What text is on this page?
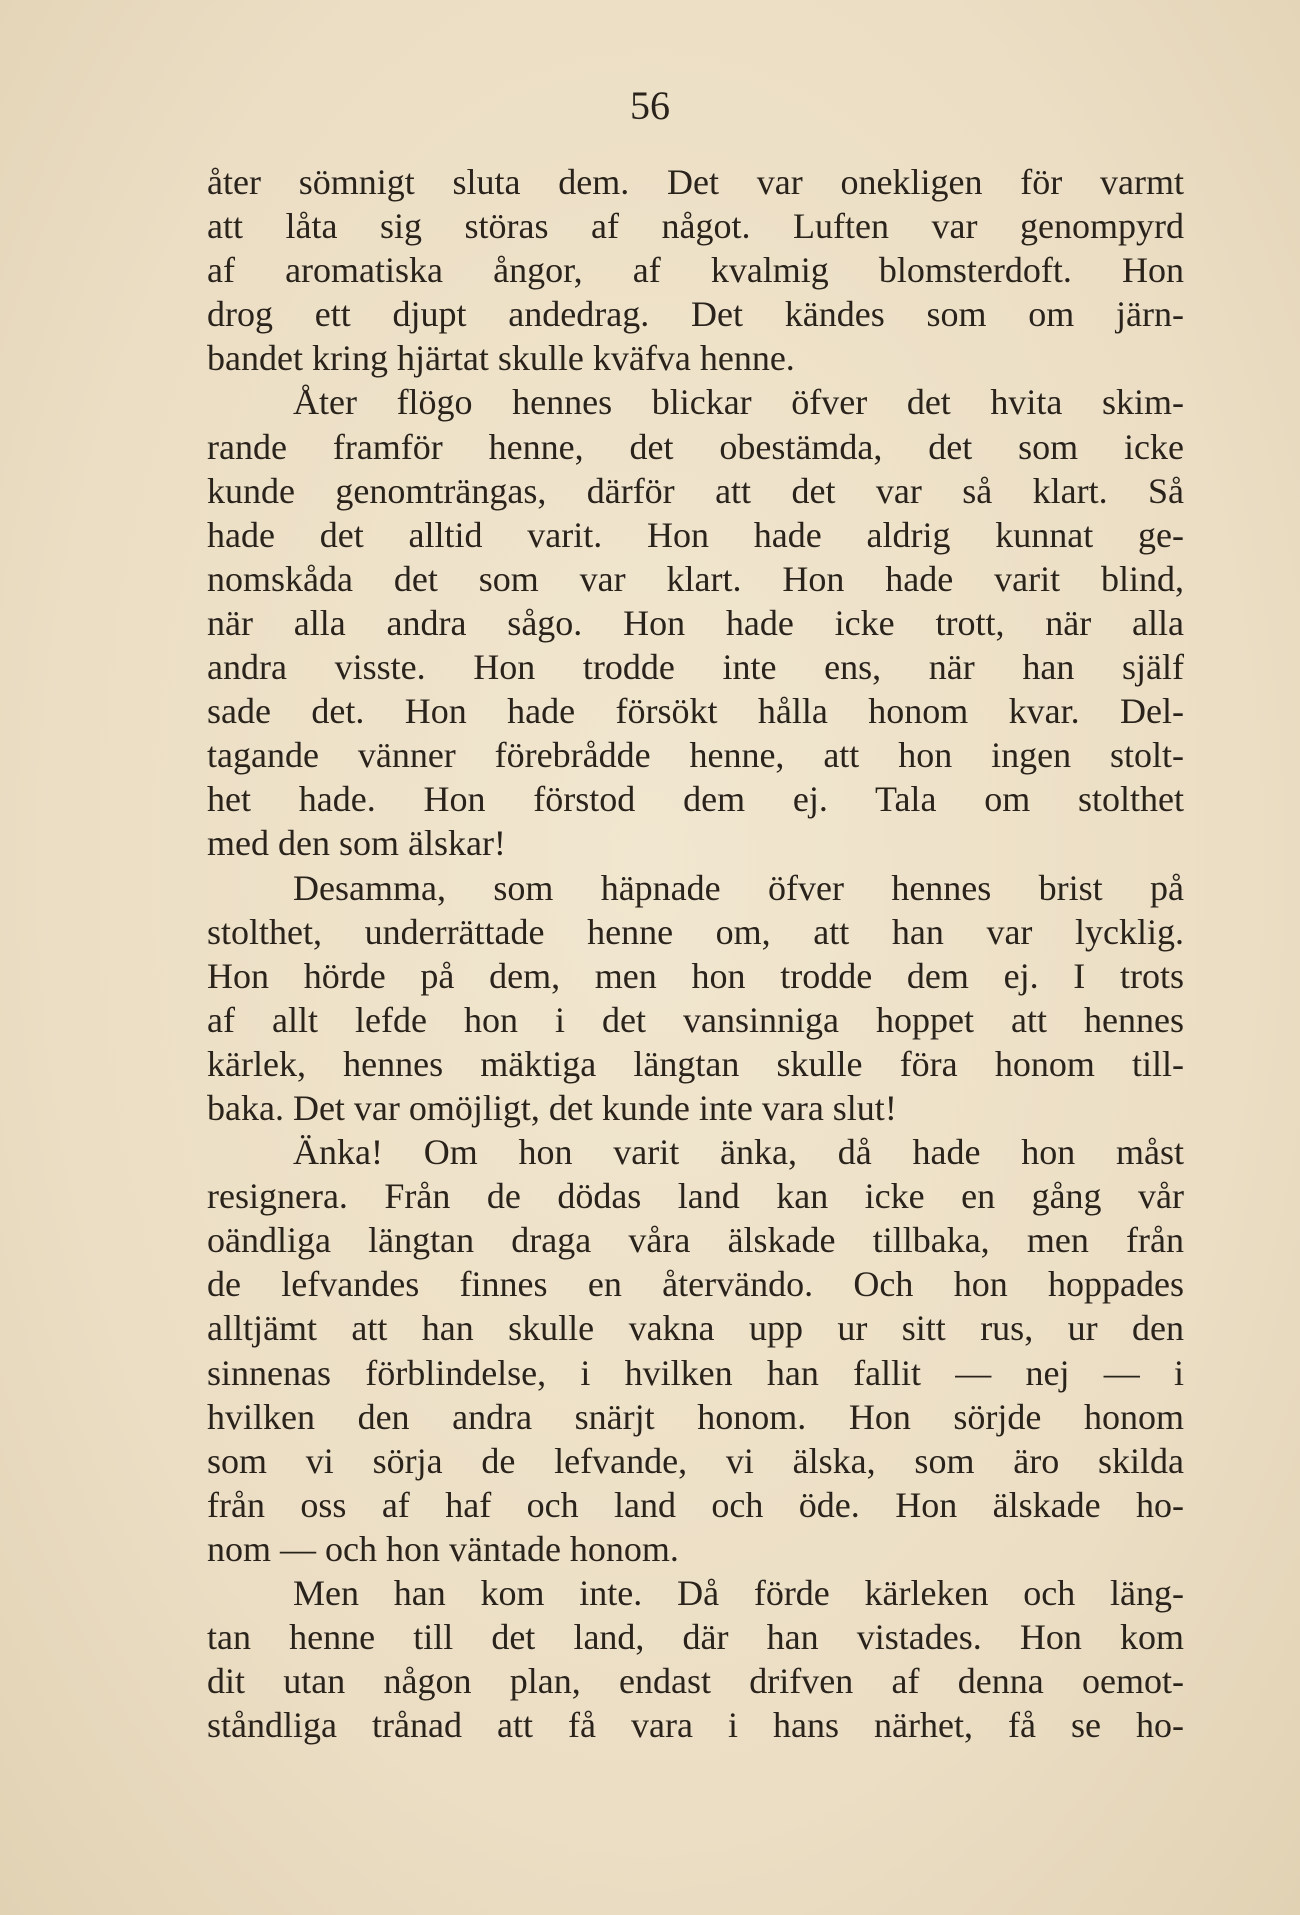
56
åter sömnigt sluta dem. Det var onekligen för varmt
att låta sig störas af något. Luften var genompyrd
af aromatiska ångor, af kvalmig blomsterdoft. Hon
drog ett djupt andedrag. Det kändes som om järn-
bandet kring hjärtat skulle kväfva henne.
Åter flögo hennes blickar öfver det hvita skim-
rande framför henne, det obestämda, det som icke
kunde genomträngas, därför att det var så klart. Så
hade det alltid varit. Hon hade aldrig kunnat ge-
nomskåda det som var klart. Hon hade varit blind,
när alla andra sågo. Hon hade icke trott, när alla
andra visste. Hon trodde inte ens, när han själf
sade det. Hon hade försökt hålla honom kvar. Del-
tagande vänner förebrådde henne, att hon ingen stolt-
het hade. Hon förstod dem ej. Tala om stolthet
med den som älskar!
Desamma, som häpnade öfver hennes brist på
stolthet, underrättade henne om, att han var lycklig.
Hon hörde på dem, men hon trodde dem ej. I trots
af allt lefde hon i det vansinniga hoppet att hennes
kärlek, hennes mäktiga längtan skulle föra honom till-
baka. Det var omöjligt, det kunde inte vara slut!
Änka! Om hon varit änka, då hade hon måst
resignera. Från de dödas land kan icke en gång vår
oändliga längtan draga våra älskade tillbaka, men från
de lefvandes finnes en återvändo. Och hon hoppades
alltjämt att han skulle vakna upp ur sitt rus, ur den
sinnenas förblindelse, i hvilken han fallit — nej — i
hvilken den andra snärjt honom. Hon sörjde honom
som vi sörja de lefvande, vi älska, som äro skilda
från oss af haf och land och öde. Hon älskade ho-
nom — och hon väntade honom.
Men han kom inte. Då förde kärleken och läng-
tan henne till det land, där han vistades. Hon kom
dit utan någon plan, endast drifven af denna oemot-
ståndliga trånad att få vara i hans närhet, få se ho-
